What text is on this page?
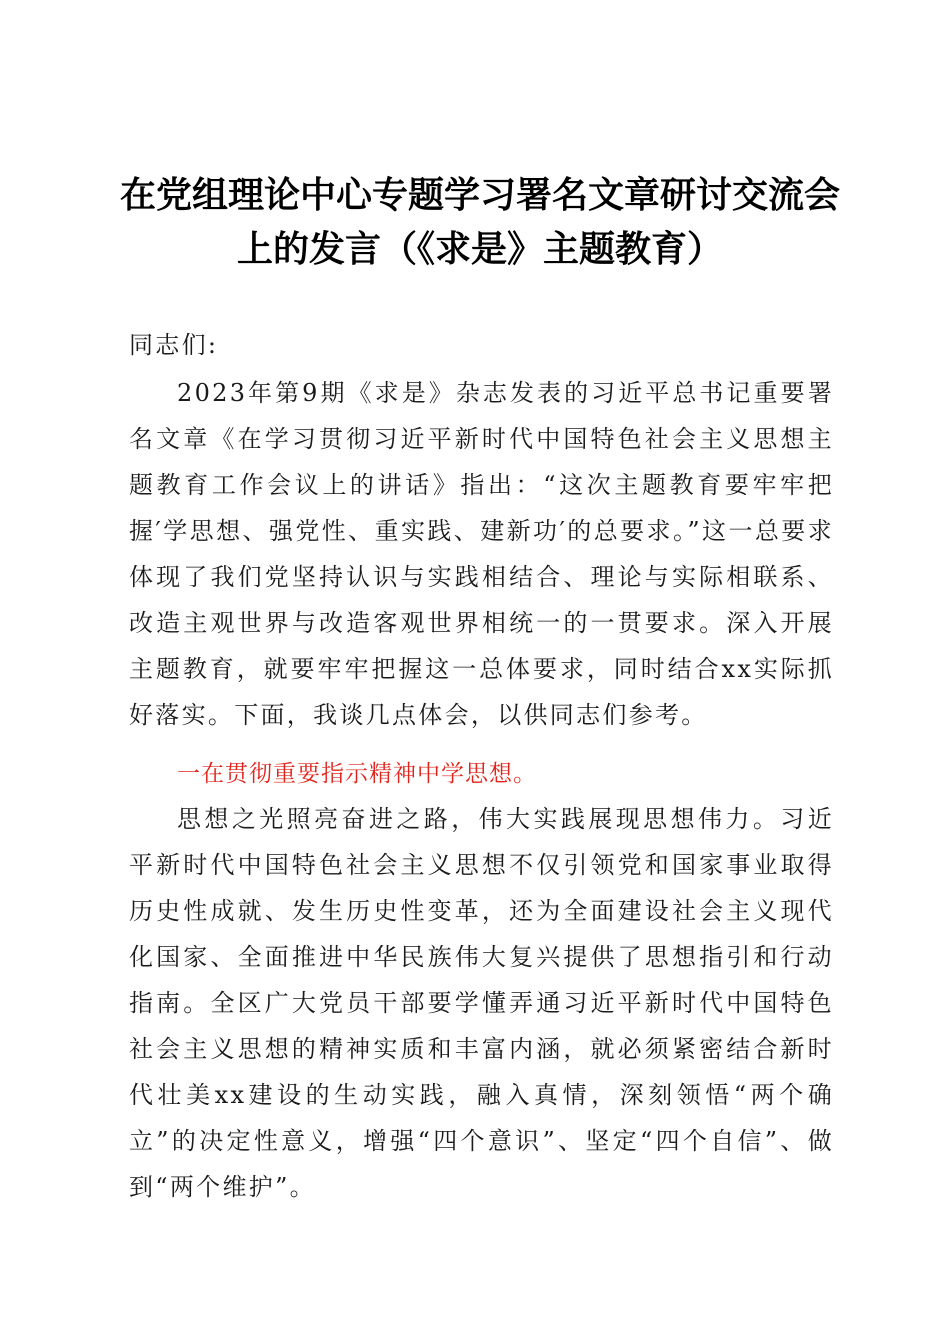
在党组理论中心专题学习署名文章研讨交流会
上的发言（《求是》主题教育）
同志们:
2023年第9期《求是》杂志发表的习近平总书记重要署名文章《在学习贯彻习近平新时代中国特色社会主义思想主题教育工作会议上的讲话》指出：“这次主题教育要牢牢把握′学思想、强党性、重实践、建新功′的总要求。”这一总要求体现了我们党坚持认识与实践相结合、理论与实际相联系、改造主观世界与改造客观世界相统一的一贯要求。深入开展主题教育，就要牢牢把握这一总体要求，同时结合xx实际抓好落实。下面，我谈几点体会，以供同志们参考。
一在贯彻重要指示精神中学思想。
思想之光照亮奋进之路，伟大实践展现思想伟力。习近平新时代中国特色社会主义思想不仅引领党和国家事业取得历史性成就、发生历史性变革，还为全面建设社会主义现代化国家、全面推进中华民族伟大复兴提供了思想指引和行动指南。全区广大党员干部要学懂弄通习近平新时代中国特色社会主义思想的精神实质和丰富内涵，就必须紧密结合新时代壮美xx建设的生动实践，融入真情，深刻领悟“两个确立”的决定性意义，增强“四个意识”、坚定“四个自信”、做到“两个维护”。
